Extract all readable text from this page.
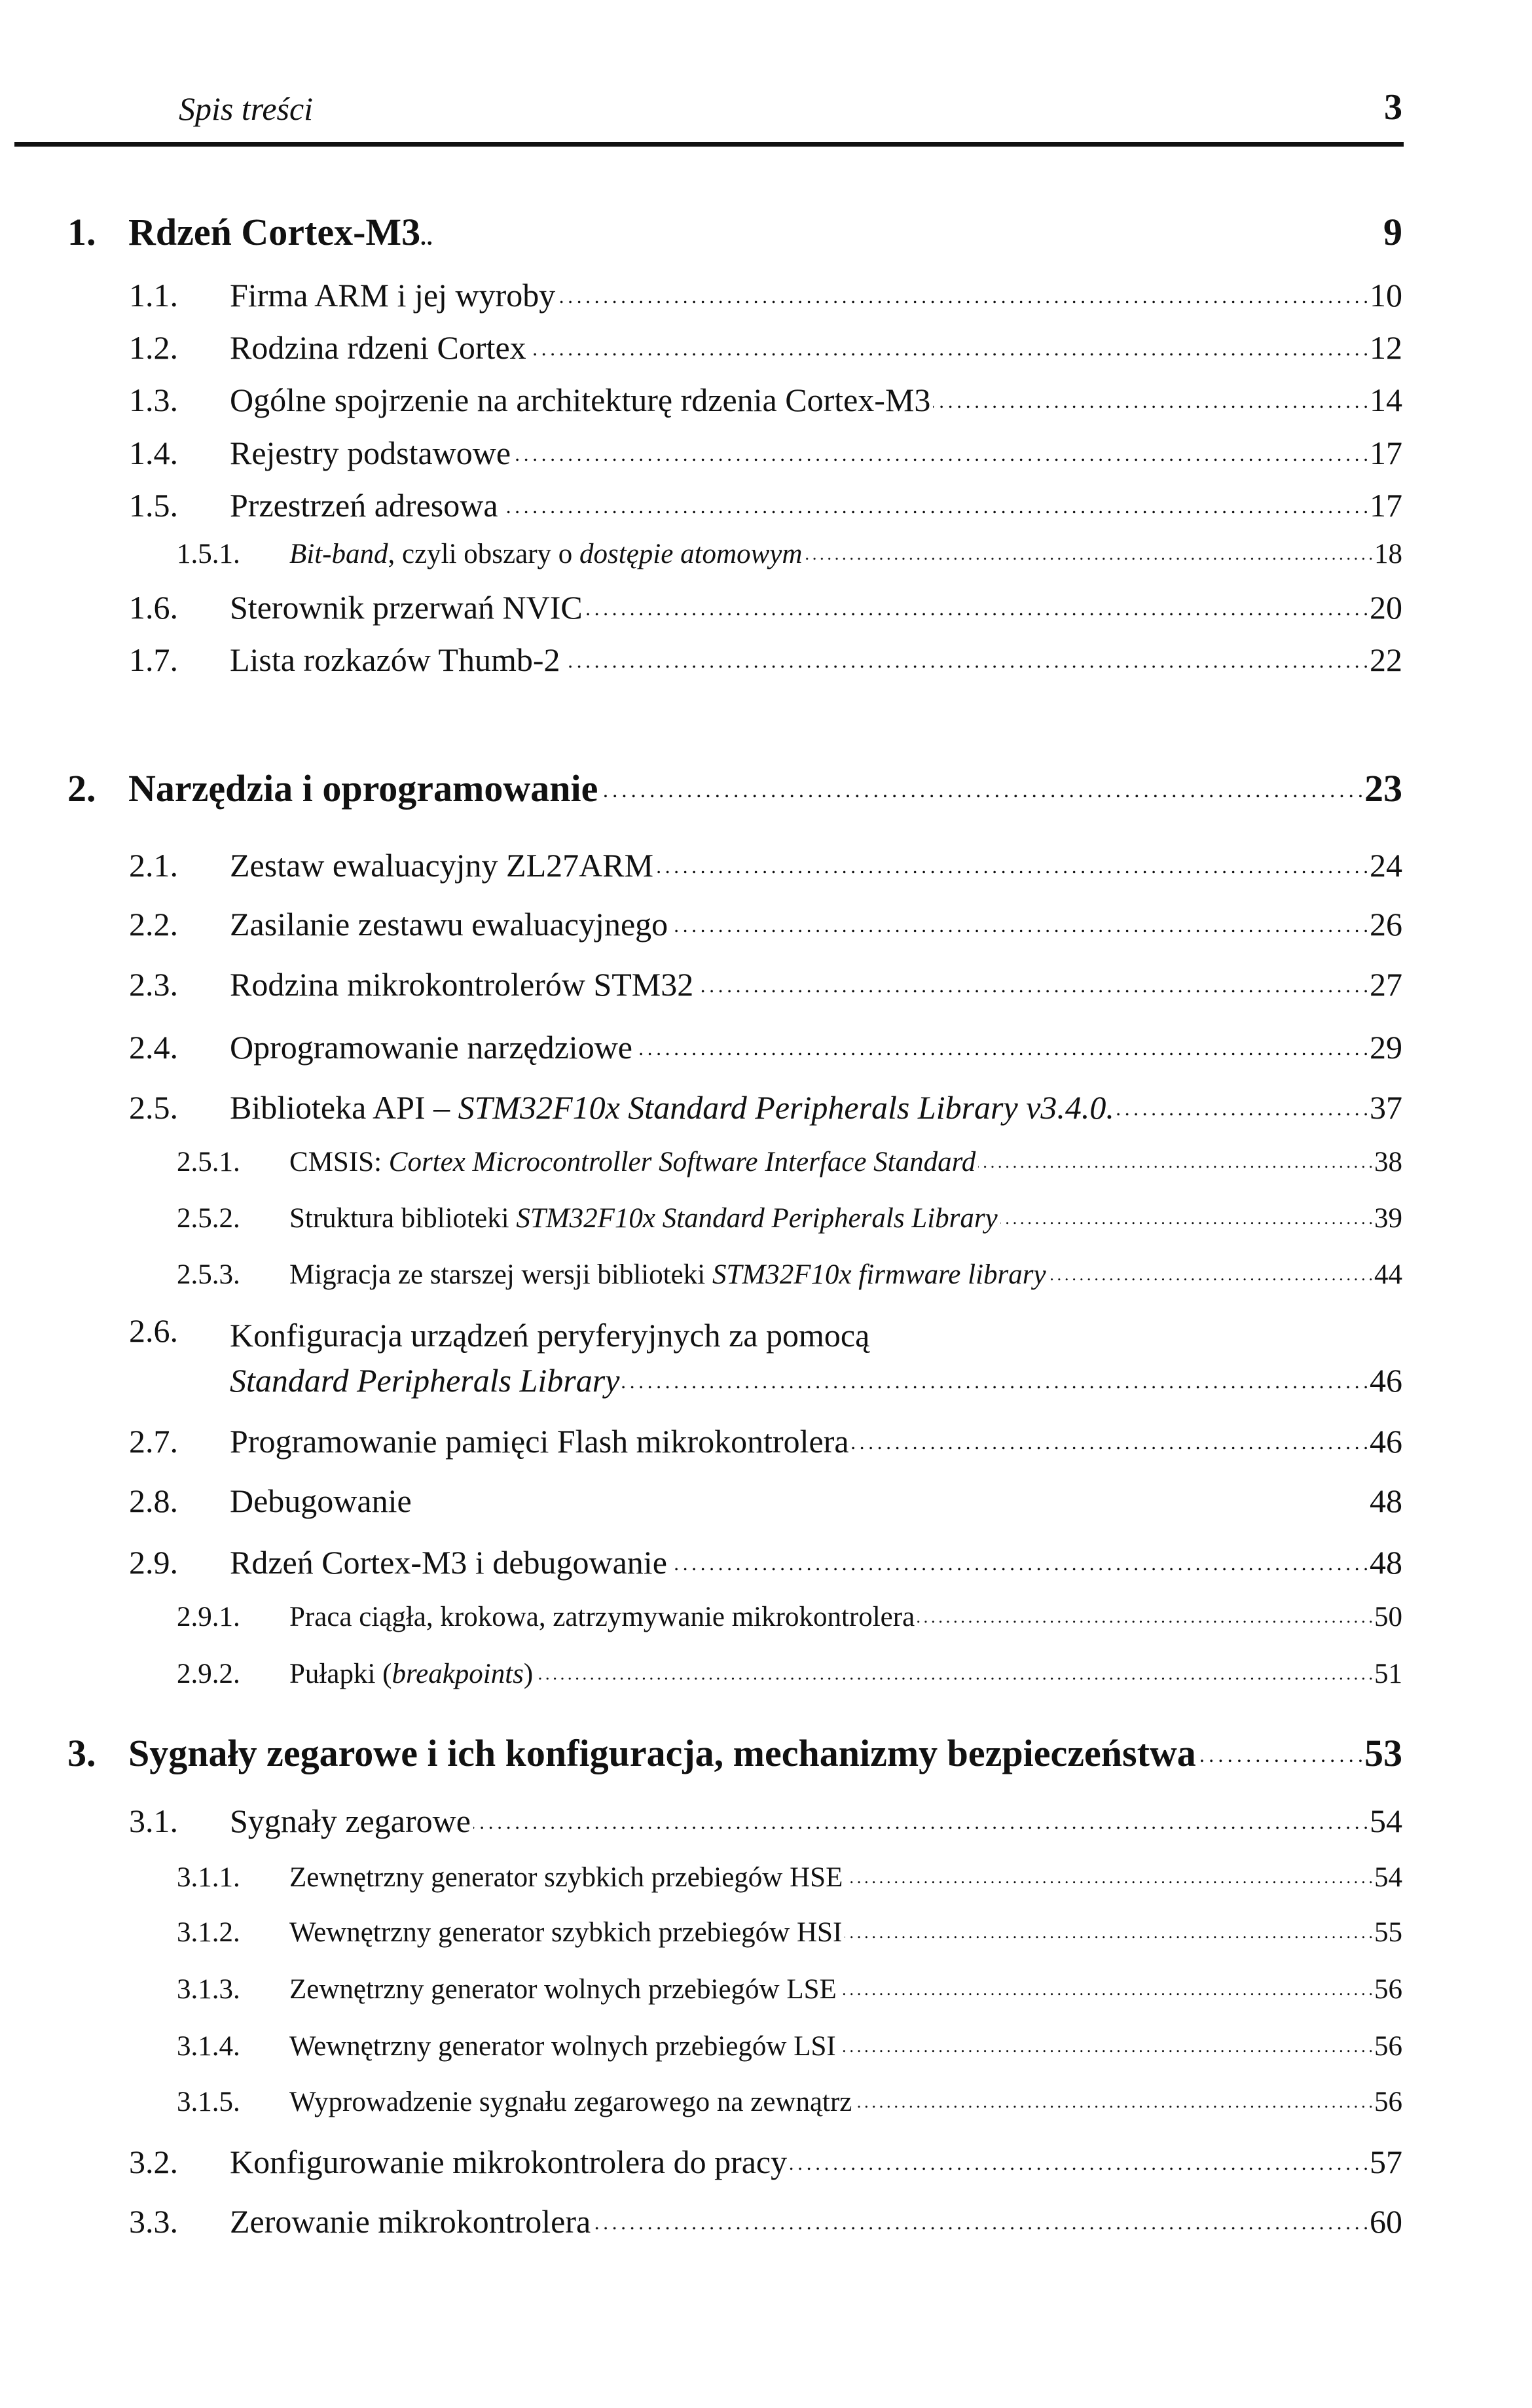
Spis treści	3
1. Rdzeń Cortex-M3..	9
1.1.	Firma ARM i jej wyroby . . .	10
1.2.	Rodzina rdzeni Cortex . . .	12
1.3.	Ogólne spojrzenie na architekturę rdzenia Cortex-M3 . . .	14
1.4.	Rejestry podstawowe . . .	17
1.5.	Przestrzeń adresowa . . .	17
1.5.1.	Bit-band, czyli obszary o dostępie atomowym . . .	18
1.6.	Sterownik przerwań NVIC . . .	20
1.7.	Lista rozkazów Thumb-2 . . .	22
2. Narzędzia i oprogramowanie . . .	23
2.1.	Zestaw ewaluacyjny ZL27ARM . . .	24
2.2.	Zasilanie zestawu ewaluacyjnego . . .	26
2.3.	Rodzina mikrokontrolerów STM32 . . .	27
2.4.	Oprogramowanie narzędziowe . . .	29
2.5.	Biblioteka API – STM32F10x Standard Peripherals Library v3.4.0. . . .	37
2.5.1.	CMSIS: Cortex Microcontroller Software Interface Standard . . .	38
2.5.2.	Struktura biblioteki STM32F10x Standard Peripherals Library . . .	39
2.5.3.	Migracja ze starszej wersji biblioteki STM32F10x firmware library . . .	44
2.6.	Konfiguracja urządzeń peryferyjnych za pomocą
Standard Peripherals Library . . .	46
2.7.	Programowanie pamięci Flash mikrokontrolera . . .	46
2.8.	Debugowanie	48
2.9.	Rdzeń Cortex-M3 i debugowanie . . .	48
2.9.1.	Praca ciągła, krokowa, zatrzymywanie mikrokontrolera . . .	50
2.9.2.	Pułapki (breakpoints) . . .	51
3. Sygnały zegarowe i ich konfiguracja, mechanizmy bezpieczeństwa . . .	53
3.1.	Sygnały zegarowe . . .	54
3.1.1.	Zewnętrzny generator szybkich przebiegów HSE . . .	54
3.1.2.	Wewnętrzny generator szybkich przebiegów HSI . . .	55
3.1.3.	Zewnętrzny generator wolnych przebiegów LSE . . .	56
3.1.4.	Wewnętrzny generator wolnych przebiegów LSI . . .	56
3.1.5.	Wyprowadzenie sygnału zegarowego na zewnątrz . . .	56
3.2.	Konfigurowanie mikrokontrolera do pracy . . .	57
3.3.	Zerowanie mikrokontrolera . . .	60
